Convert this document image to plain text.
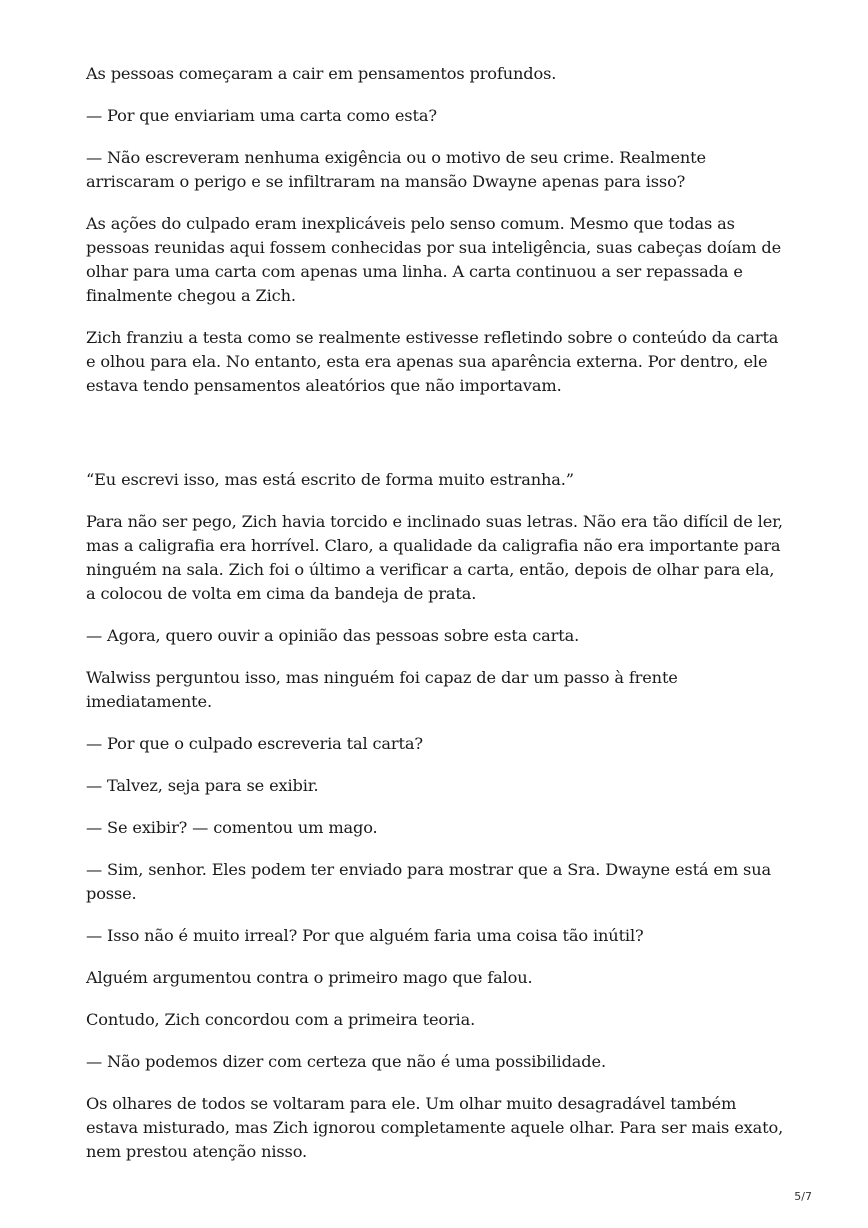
As pessoas começaram a cair em pensamentos profundos.

— Por que enviariam uma carta como esta?

— Não escreveram nenhuma exigência ou o motivo de seu crime. Realmente arriscaram o perigo e se infiltraram na mansão Dwayne apenas para isso?

As ações do culpado eram inexplicáveis pelo senso comum. Mesmo que todas as pessoas reunidas aqui fossem conhecidas por sua inteligência, suas cabeças doíam de olhar para uma carta com apenas uma linha. A carta continuou a ser repassada e finalmente chegou a Zich.

Zich franziu a testa como se realmente estivesse refletindo sobre o conteúdo da carta e olhou para ela. No entanto, esta era apenas sua aparência externa. Por dentro, ele estava tendo pensamentos aleatórios que não importavam.

“Eu escrevi isso, mas está escrito de forma muito estranha.”

Para não ser pego, Zich havia torcido e inclinado suas letras. Não era tão difícil de ler, mas a caligrafia era horrível. Claro, a qualidade da caligrafia não era importante para ninguém na sala. Zich foi o último a verificar a carta, então, depois de olhar para ela, a colocou de volta em cima da bandeja de prata.

— Agora, quero ouvir a opinião das pessoas sobre esta carta.

Walwiss perguntou isso, mas ninguém foi capaz de dar um passo à frente imediatamente.

— Por que o culpado escreveria tal carta?

— Talvez, seja para se exibir.

— Se exibir? — comentou um mago.

— Sim, senhor. Eles podem ter enviado para mostrar que a Sra. Dwayne está em sua posse.

— Isso não é muito irreal? Por que alguém faria uma coisa tão inútil?

Alguém argumentou contra o primeiro mago que falou.

Contudo, Zich concordou com a primeira teoria.

— Não podemos dizer com certeza que não é uma possibilidade.

Os olhares de todos se voltaram para ele. Um olhar muito desagradável também estava misturado, mas Zich ignorou completamente aquele olhar. Para ser mais exato, nem prestou atenção nisso.

5/7
